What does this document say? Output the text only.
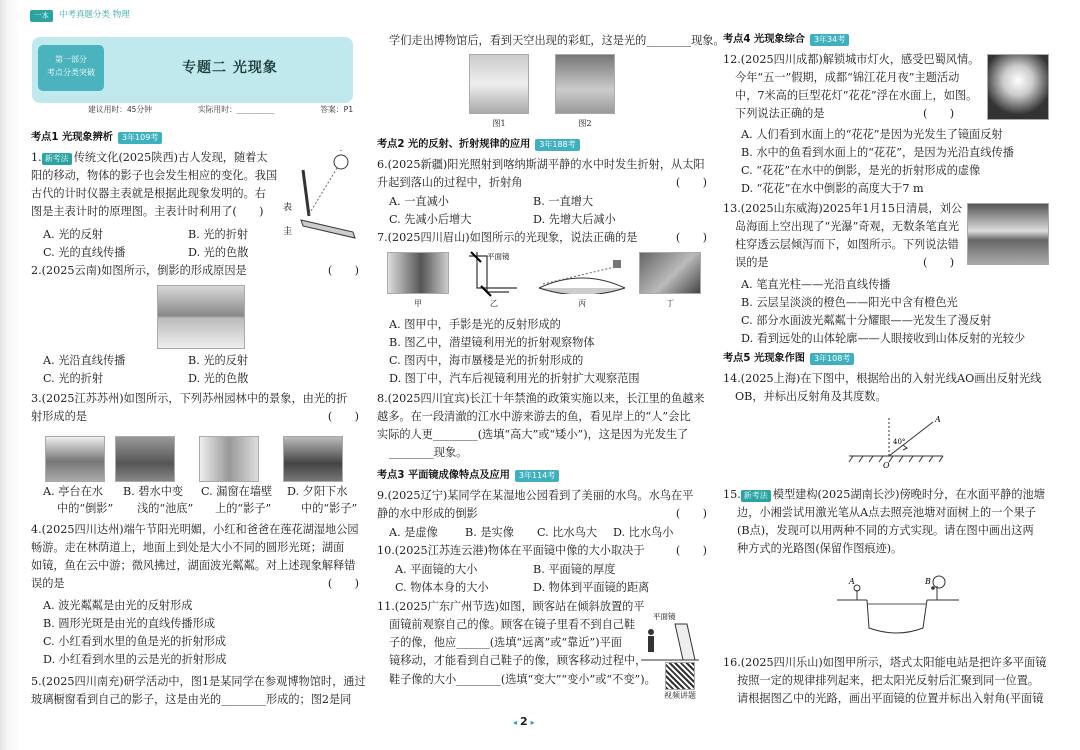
一本	中考真题分类 物理
第一部分
考点分类突破	专题二 光现象
建议用时：45分钟	实际用时：________	答案：P1
考点1 光现象辨析	3年109考
1. 新考法 传统文化(2025陕西)古人发现，随着太
阳的移动，物体的影子也会发生相应的变化。我国
古代的计时仪器主表就是根据此现象发明的。右
图是主表计时的原理图。主表计时利用了(　　)
A. 光的反射	B. 光的折射
C. 光的直线传播	D. 光的色散
表
圭
2.(2025云南)如图所示，倒影的形成原因是	(　　)
A. 光沿直线传播	B. 光的反射
C. 光的折射	D. 光的色散
3.(2025江苏苏州)如图所示，下列苏州园林中的景象，由光的折
射形成的是	(　　)
A. 亭台在水
中的“倒影”
B. 碧水中变
浅的“池底”
C. 漏窗在墙壁
上的“影子”
D. 夕阳下水
中的“影子”
4.(2025四川达州)端午节阳光明媚，小红和爸爸在莲花湖湿地公园
畅游。走在林荫道上，地面上到处是大小不同的圆形光斑；湖面
如镜，鱼在云中游；微风拂过，湖面波光粼粼。对上述现象解释错
误的是	(　　)
A. 波光粼粼是由光的反射形成
B. 圆形光斑是由光的直线传播形成
C. 小红看到水里的鱼是光的折射形成
D. 小红看到水里的云是光的折射形成
5.(2025四川南充)研学活动中，图1是某同学在参观博物馆时，通过
玻璃橱窗看到自己的影子，这是由光的________形成的；图2是同
学们走出博物馆后，看到天空出现的彩虹，这是光的________现象。
图1	图2
考点2 光的反射、折射规律的应用	3年188考
6.(2025新疆)阳光照射到喀纳斯湖平静的水中时发生折射，从太阳
升起到落山的过程中，折射角	(　　)
A. 一直减小	B. 一直增大
C. 先减小后增大	D. 先增大后减小
7.(2025四川眉山)如图所示的光现象，说法正确的是	(　　)
平面镜
甲	乙	丙	丁
A. 图甲中，手影是光的反射形成的
B. 图乙中，潜望镜利用光的折射观察物体
C. 图丙中，海市蜃楼是光的折射形成的
D. 图丁中，汽车后视镜利用光的折射扩大观察范围
8.(2025四川宜宾)长江十年禁渔的政策实施以来，长江里的鱼越来
越多。在一段清澈的江水中游来游去的鱼，看见岸上的“人”会比
实际的人更________(选填“高大”或“矮小”)，这是因为光发生了
________现象。
考点3 平面镜成像特点及应用	3年114考
9.(2025辽宁)某同学在某湿地公园看到了美丽的水鸟。水鸟在平
静的水中形成的倒影	(　　)
A. 是虚像 B. 是实像 C. 比水鸟大 D. 比水鸟小
10.(2025江苏连云港)物体在平面镜中像的大小取决于	(　　)
A. 平面镜的大小	B. 平面镜的厚度
C. 物体本身的大小	D. 物体到平面镜的距离
11.(2025广东广州节选)如图，顾客站在倾斜放置的平
面镜前观察自己的像。顾客在镜子里看不到自己鞋
子的像，他应______(选填“远离”或“靠近”)平面
镜移动，才能看到自己鞋子的像，顾客移动过程中，
鞋子像的大小________(选填“变大”“变小”或“不变”)。
平面镜
视频讲题
考点4 光现象综合	3年34考
12.(2025四川成都)解锁城市灯火，感受巴蜀风情。
今年“五一”假期，成都“锦江花月夜”主题活动
中，7米高的巨型花灯“花花”浮在水面上，如图。
下列说法正确的是	(　　)
A. 人们看到水面上的“花花”是因为光发生了镜面反射
B. 水中的鱼看到水面上的“花花”，是因为光沿直线传播
C. “花花”在水中的倒影，是光的折射形成的虚像
D. “花花”在水中倒影的高度大于7 m
13.(2025山东威海)2025年1月15日清晨，刘公
岛海面上空出现了“光瀑”奇观，无数条笔直光
柱穿透云层倾泻而下，如图所示。下列说法错
误的是	(　　)
A. 笔直光柱——光沿直线传播
B. 云层呈淡淡的橙色——阳光中含有橙色光
C. 部分水面波光粼粼十分耀眼——光发生了漫反射
D. 看到远处的山体轮廓——人眼接收到山体反射的光较少
考点5 光现象作图	3年108考
14.(2025上海)在下图中，根据给出的入射光线AO画出反射光线
OB，并标出反射角及其度数。
A
O
40°
15. 新考法 模型建构(2025湖南长沙)傍晚时分，在水面平静的池塘
边，小湘尝试用激光笔从A点去照亮池塘对面树上的一个果子
(B点)，发现可以用两种不同的方式实现。请在图中画出这两
种方式的光路图(保留作图痕迹)。
A	B
16.(2025四川乐山)如图甲所示，塔式太阳能电站是把许多平面镜
按照一定的规律排列起来，把太阳光反射后汇聚到同一位置。
请根据图乙中的光路，画出平面镜的位置并标出入射角(平面镜
◂ 2 ▸
